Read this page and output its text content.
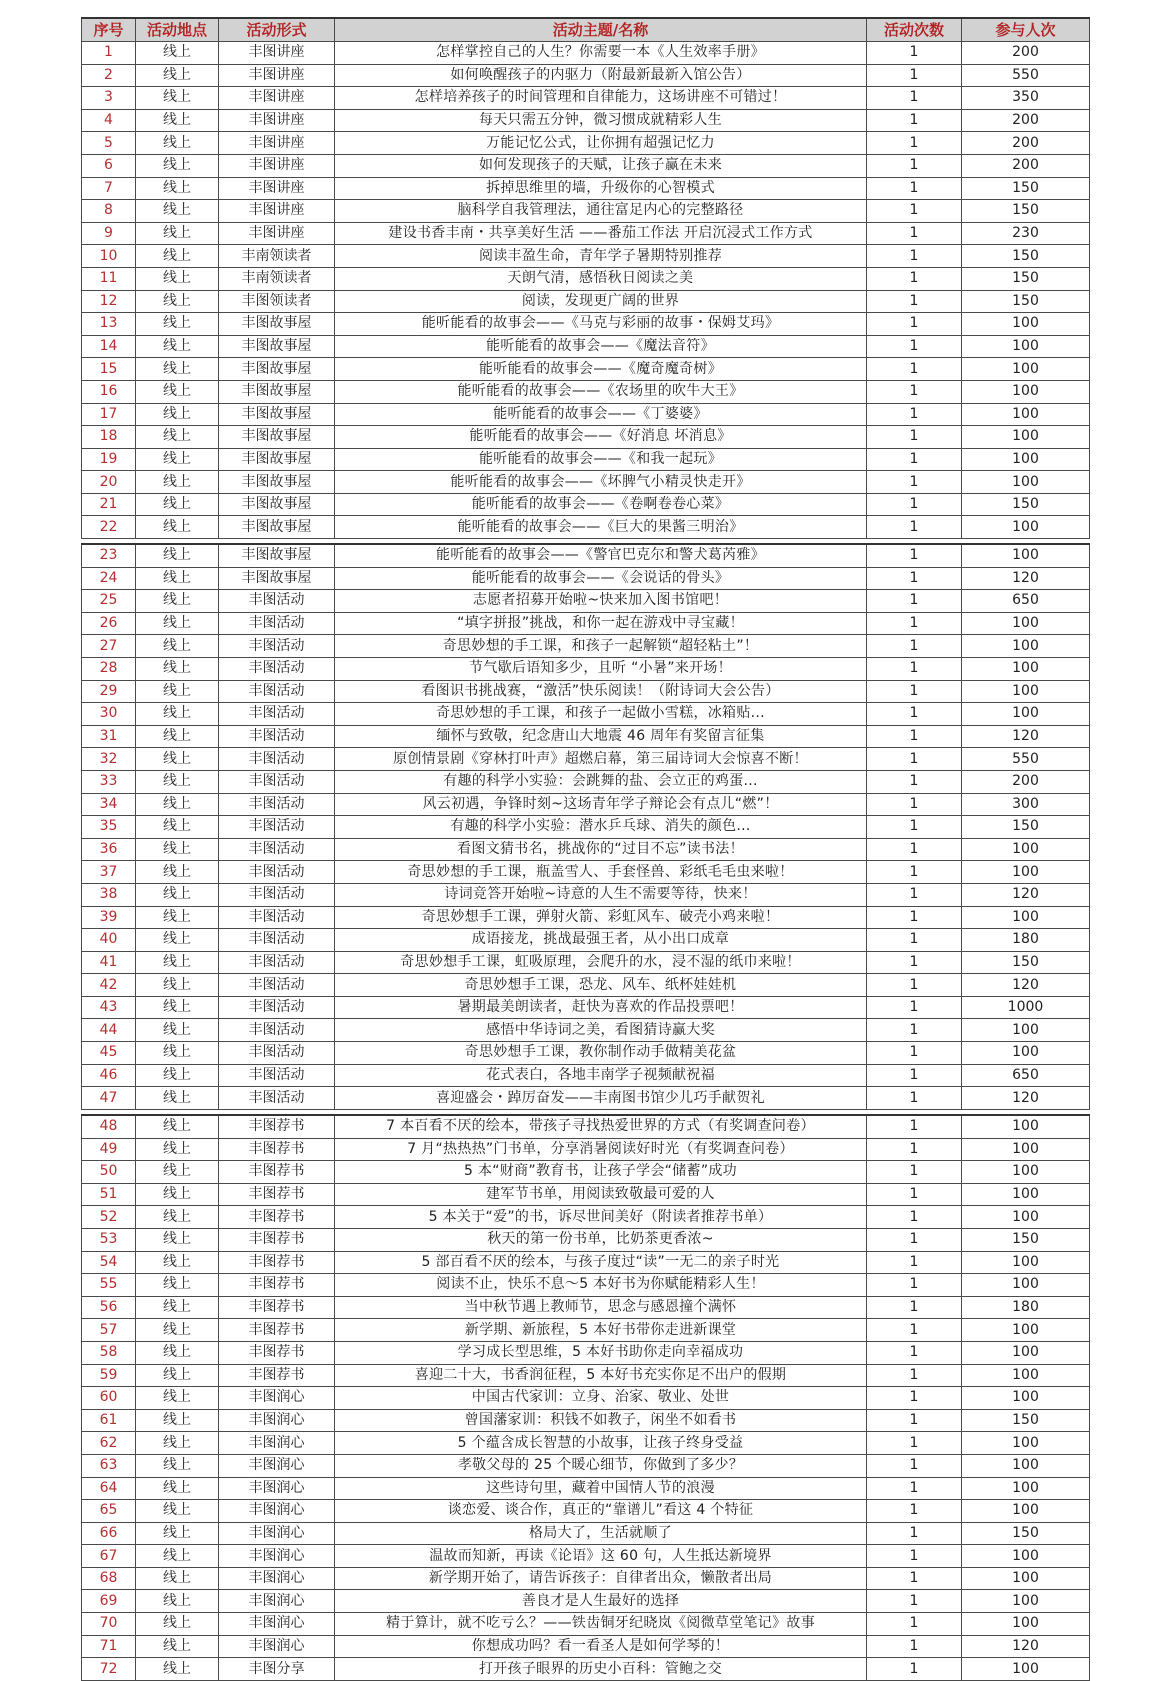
序号	活动地点	活动形式	活动主题/名称	活动次数	参与人次
1	线上	丰图讲座	怎样掌控自己的人生？你需要一本《人生效率手册》	1	200
2	线上	丰图讲座	如何唤醒孩子的内驱力（附最新最新入馆公告）	1	550
3	线上	丰图讲座	怎样培养孩子的时间管理和自律能力，这场讲座不可错过！	1	350
4	线上	丰图讲座	每天只需五分钟，微习惯成就精彩人生	1	200
5	线上	丰图讲座	万能记忆公式，让你拥有超强记忆力	1	200
6	线上	丰图讲座	如何发现孩子的天赋，让孩子赢在未来	1	200
7	线上	丰图讲座	拆掉思维里的墙，升级你的心智模式	1	150
8	线上	丰图讲座	脑科学自我管理法，通往富足内心的完整路径	1	150
9	线上	丰图讲座	建设书香丰南・共享美好生活 ——番茄工作法 开启沉浸式工作方式	1	230
10	线上	丰南领读者	阅读丰盈生命，青年学子暑期特别推荐	1	150
11	线上	丰南领读者	天朗气清，感悟秋日阅读之美	1	150
12	线上	丰图领读者	阅读，发现更广阔的世界	1	150
13	线上	丰图故事屋	能听能看的故事会——《马克与彩丽的故事・保姆艾玛》	1	100
14	线上	丰图故事屋	能听能看的故事会——《魔法音符》	1	100
15	线上	丰图故事屋	能听能看的故事会——《魔奇魔奇树》	1	100
16	线上	丰图故事屋	能听能看的故事会——《农场里的吹牛大王》	1	100
17	线上	丰图故事屋	能听能看的故事会——《丁婆婆》	1	100
18	线上	丰图故事屋	能听能看的故事会——《好消息 坏消息》	1	100
19	线上	丰图故事屋	能听能看的故事会——《和我一起玩》	1	100
20	线上	丰图故事屋	能听能看的故事会——《坏脾气小精灵快走开》	1	100
21	线上	丰图故事屋	能听能看的故事会——《卷啊卷卷心菜》	1	150
22	线上	丰图故事屋	能听能看的故事会——《巨大的果酱三明治》	1	100
23	线上	丰图故事屋	能听能看的故事会——《警官巴克尔和警犬葛芮雅》	1	100
24	线上	丰图故事屋	能听能看的故事会——《会说话的骨头》	1	120
25	线上	丰图活动	志愿者招募开始啦~快来加入图书馆吧！	1	650
26	线上	丰图活动	“填字拼报”挑战，和你一起在游戏中寻宝藏！	1	100
27	线上	丰图活动	奇思妙想的手工课，和孩子一起解锁“超轻粘土”！	1	100
28	线上	丰图活动	节气歇后语知多少，且听 “小暑”来开场！	1	100
29	线上	丰图活动	看图识书挑战赛，“激活”快乐阅读！（附诗词大会公告）	1	100
30	线上	丰图活动	奇思妙想的手工课，和孩子一起做小雪糕，冰箱贴...	1	100
31	线上	丰图活动	缅怀与致敬，纪念唐山大地震 46 周年有奖留言征集	1	120
32	线上	丰图活动	原创情景剧《穿林打叶声》超燃启幕，第三届诗词大会惊喜不断！	1	550
33	线上	丰图活动	有趣的科学小实验：会跳舞的盐、会立正的鸡蛋...	1	200
34	线上	丰图活动	风云初遇，争锋时刻~这场青年学子辩论会有点儿“燃”！	1	300
35	线上	丰图活动	有趣的科学小实验：潜水乒乓球、消失的颜色...	1	150
36	线上	丰图活动	看图文猜书名，挑战你的“过目不忘”读书法！	1	100
37	线上	丰图活动	奇思妙想的手工课，瓶盖雪人、手套怪兽、彩纸毛毛虫来啦！	1	100
38	线上	丰图活动	诗词竞答开始啦~诗意的人生不需要等待，快来！	1	120
39	线上	丰图活动	奇思妙想手工课，弹射火箭、彩虹风车、破壳小鸡来啦！	1	100
40	线上	丰图活动	成语接龙，挑战最强王者，从小出口成章	1	180
41	线上	丰图活动	奇思妙想手工课，虹吸原理，会爬升的水，浸不湿的纸巾来啦！	1	150
42	线上	丰图活动	奇思妙想手工课，恐龙、风车、纸杯娃娃机	1	120
43	线上	丰图活动	暑期最美朗读者，赶快为喜欢的作品投票吧！	1	1000
44	线上	丰图活动	感悟中华诗词之美，看图猜诗赢大奖	1	100
45	线上	丰图活动	奇思妙想手工课，教你制作动手做精美花盆	1	100
46	线上	丰图活动	花式表白，各地丰南学子视频献祝福	1	650
47	线上	丰图活动	喜迎盛会・踔厉奋发——丰南图书馆少儿巧手献贺礼	1	120
48	线上	丰图荐书	7 本百看不厌的绘本，带孩子寻找热爱世界的方式（有奖调查问卷）	1	100
49	线上	丰图荐书	7 月“热热热”门书单，分享消暑阅读好时光（有奖调查问卷）	1	100
50	线上	丰图荐书	5 本“财商”教育书，让孩子学会“储蓄”成功	1	100
51	线上	丰图荐书	建军节书单，用阅读致敬最可爱的人	1	100
52	线上	丰图荐书	5 本关于“爱”的书，诉尽世间美好（附读者推荐书单）	1	100
53	线上	丰图荐书	秋天的第一份书单，比奶茶更香浓~	1	150
54	线上	丰图荐书	5 部百看不厌的绘本，与孩子度过“读”一无二的亲子时光	1	100
55	线上	丰图荐书	阅读不止，快乐不息～5 本好书为你赋能精彩人生！	1	100
56	线上	丰图荐书	当中秋节遇上教师节，思念与感恩撞个满怀	1	180
57	线上	丰图荐书	新学期、新旅程，5 本好书带你走进新课堂	1	100
58	线上	丰图荐书	学习成长型思维，5 本好书助你走向幸福成功	1	100
59	线上	丰图荐书	喜迎二十大，书香润征程，5 本好书充实你足不出户的假期	1	100
60	线上	丰图润心	中国古代家训：立身、治家、敬业、处世	1	100
61	线上	丰图润心	曾国藩家训：积钱不如教子，闲坐不如看书	1	150
62	线上	丰图润心	5 个蕴含成长智慧的小故事，让孩子终身受益	1	100
63	线上	丰图润心	孝敬父母的 25 个暖心细节，你做到了多少？	1	100
64	线上	丰图润心	这些诗句里，藏着中国情人节的浪漫	1	100
65	线上	丰图润心	谈恋爱、谈合作，真正的“靠谱儿”看这 4 个特征	1	100
66	线上	丰图润心	格局大了，生活就顺了	1	150
67	线上	丰图润心	温故而知新，再读《论语》这 60 句，人生抵达新境界	1	100
68	线上	丰图润心	新学期开始了，请告诉孩子：自律者出众，懒散者出局	1	100
69	线上	丰图润心	善良才是人生最好的选择	1	100
70	线上	丰图润心	精于算计，就不吃亏么？——铁齿铜牙纪晓岚《阅微草堂笔记》故事	1	100
71	线上	丰图润心	你想成功吗？看一看圣人是如何学琴的！	1	120
72	线上	丰图分享	打开孩子眼界的历史小百科：管鲍之交	1	100
